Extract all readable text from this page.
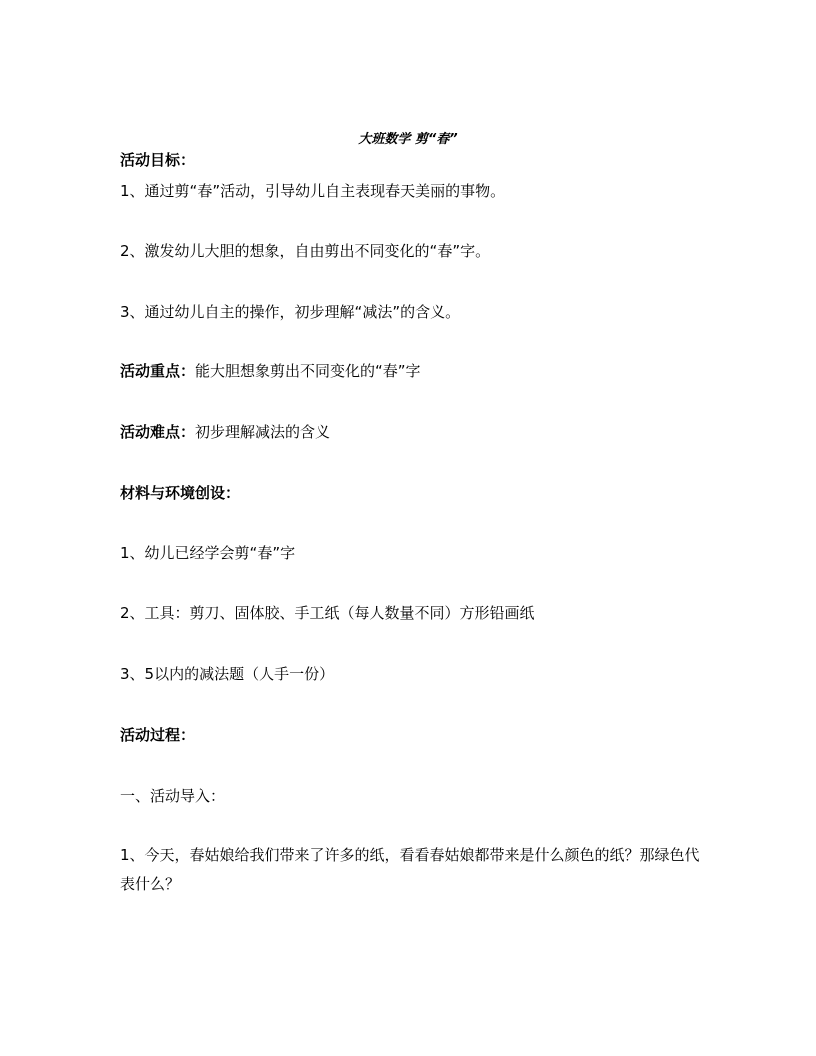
大班数学 剪“春”
活动目标：
1、通过剪“春”活动，引导幼儿自主表现春天美丽的事物。
2、激发幼儿大胆的想象，自由剪出不同变化的“春”字。
3、通过幼儿自主的操作，初步理解“减法”的含义。
活动重点：能大胆想象剪出不同变化的“春”字
活动难点：初步理解减法的含义
材料与环境创设：
1、幼儿已经学会剪“春”字
2、工具：剪刀、固体胶、手工纸（每人数量不同）方形铅画纸
3、5以内的减法题（人手一份）
活动过程：
一、活动导入：
1、今天，春姑娘给我们带来了许多的纸，看看春姑娘都带来是什么颜色的纸？那绿色代表什么？
